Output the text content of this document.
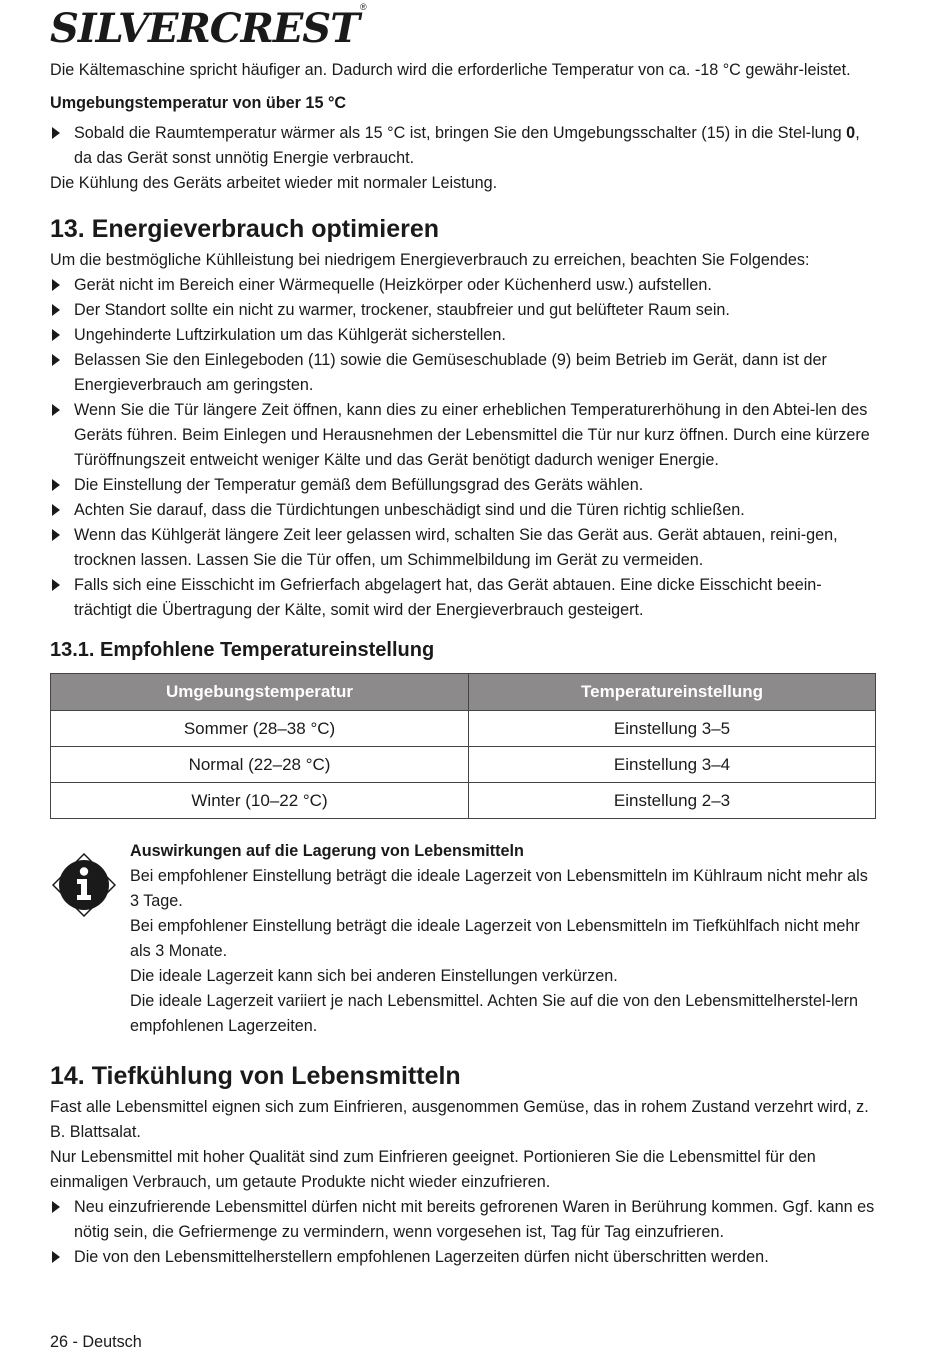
SILVERCREST®

Die Kältemaschine spricht häufiger an. Dadurch wird die erforderliche Temperatur von ca. -18 °C gewähr-leistet.

Umgebungstemperatur von über 15 °C

Sobald die Raumtemperatur wärmer als 15 °C ist, bringen Sie den Umgebungsschalter (15) in die Stel-lung 0, da das Gerät sonst unnötig Energie verbraucht.

Die Kühlung des Geräts arbeitet wieder mit normaler Leistung.

13. Energieverbrauch optimieren

Um die bestmögliche Kühlleistung bei niedrigem Energieverbrauch zu erreichen, beachten Sie Folgendes:

Gerät nicht im Bereich einer Wärmequelle (Heizkörper oder Küchenherd usw.) aufstellen.
Der Standort sollte ein nicht zu warmer, trockener, staubfreier und gut belüfteter Raum sein.
Ungehinderte Luftzirkulation um das Kühlgerät sicherstellen.
Belassen Sie den Einlegeboden (11) sowie die Gemüseschublade (9) beim Betrieb im Gerät, dann ist der Energieverbrauch am geringsten.
Wenn Sie die Tür längere Zeit öffnen, kann dies zu einer erheblichen Temperaturerhöhung in den Abtei-len des Geräts führen. Beim Einlegen und Herausnehmen der Lebensmittel die Tür nur kurz öffnen. Durch eine kürzere Türöffnungszeit entweicht weniger Kälte und das Gerät benötigt dadurch weniger Energie.
Die Einstellung der Temperatur gemäß dem Befüllungsgrad des Geräts wählen.
Achten Sie darauf, dass die Türdichtungen unbeschädigt sind und die Türen richtig schließen.
Wenn das Kühlgerät längere Zeit leer gelassen wird, schalten Sie das Gerät aus. Gerät abtauen, reini-gen, trocknen lassen. Lassen Sie die Tür offen, um Schimmelbildung im Gerät zu vermeiden.
Falls sich eine Eisschicht im Gefrierfach abgelagert hat, das Gerät abtauen. Eine dicke Eisschicht beein-trächtigt die Übertragung der Kälte, somit wird der Energieverbrauch gesteigert.
13.1. Empfohlene Temperatureinstellung
Umgebungstemperatur	Temperatureinstellung
Sommer (28–38 °C)	Einstellung 3–5
Normal (22–28 °C)	Einstellung 3–4
Winter (10–22 °C)	Einstellung 2–3

Auswirkungen auf die Lagerung von Lebensmitteln

Bei empfohlener Einstellung beträgt die ideale Lagerzeit von Lebensmitteln im Kühlraum nicht mehr als 3 Tage.

Bei empfohlener Einstellung beträgt die ideale Lagerzeit von Lebensmitteln im Tiefkühlfach nicht mehr als 3 Monate.

Die ideale Lagerzeit kann sich bei anderen Einstellungen verkürzen.

Die ideale Lagerzeit variiert je nach Lebensmittel. Achten Sie auf die von den Lebensmittelherstel-lern empfohlenen Lagerzeiten.

14. Tiefkühlung von Lebensmitteln

Fast alle Lebensmittel eignen sich zum Einfrieren, ausgenommen Gemüse, das in rohem Zustand verzehrt wird, z. B. Blattsalat.

Nur Lebensmittel mit hoher Qualität sind zum Einfrieren geeignet. Portionieren Sie die Lebensmittel für den einmaligen Verbrauch, um getaute Produkte nicht wieder einzufrieren.

Neu einzufrierende Lebensmittel dürfen nicht mit bereits gefrorenen Waren in Berührung kommen. Ggf. kann es nötig sein, die Gefriermenge zu vermindern, wenn vorgesehen ist, Tag für Tag einzufrieren.
Die von den Lebensmittelherstellern empfohlenen Lagerzeiten dürfen nicht überschritten werden.
26 - Deutsch
